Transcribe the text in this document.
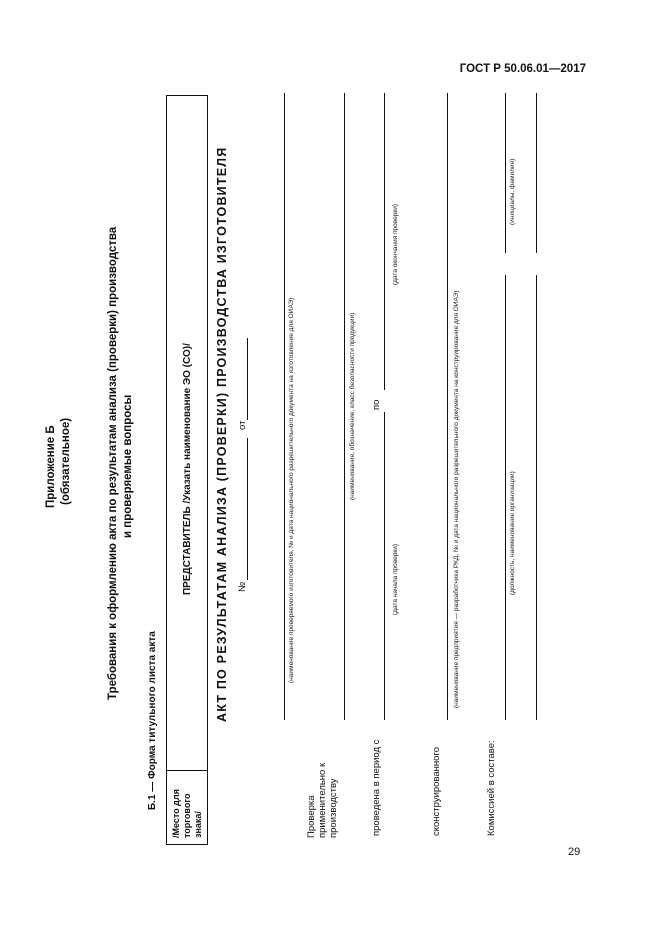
ГОСТ Р 50.06.01—2017
29
Приложение Б (обязательное)	Требования к оформлению акта по результатам анализа (проверки) производства и проверяемые вопросы
Б.1 — Форма титульного листа акта
/Место для торгового знака/
ПРЕДСТАВИТЕЛЬ /Указать наименование ЭО (СО)/ АКТ ПО РЕЗУЛЬТАТАМ АНАЛИЗА (ПРОВЕРКИ) ПРОИЗВОДСТВА ИЗГОТОВИТЕЛЯ №
от
Проверка применительно к производству
(наименование проверяемого изготовителя, № и дата национального разрешительного документа на изготовление для ОИАЭ)	(наименование, обозначение, класс безопасности продукции)
проведена в период с
по
(дата начала проверки)
(дата окончания проверки)
сконструированного
(наименование предприятия — разработчика РКД, № и дата национального разрешительного документа на конструирование для ОИАЭ)
Комиссией в составе:
(должность, наименование организации)
(инициалы, фамилия)
